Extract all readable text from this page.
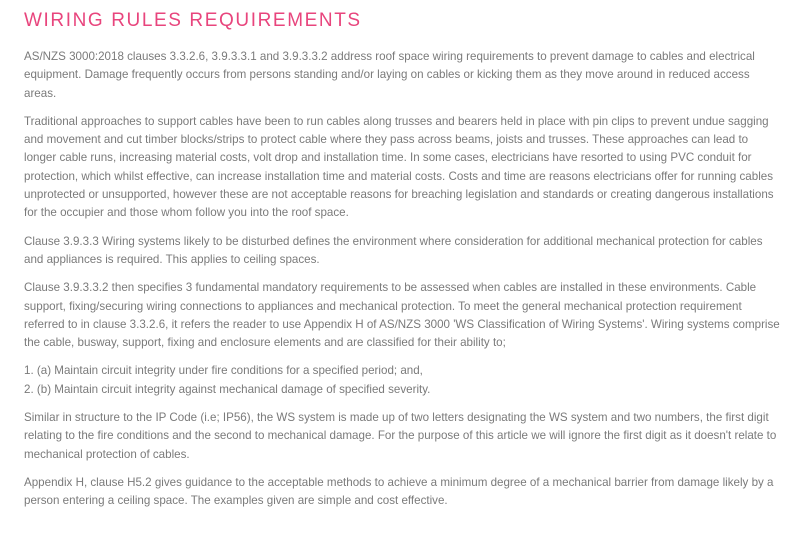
WIRING RULES REQUIREMENTS

AS/NZS 3000:2018 clauses 3.3.2.6, 3.9.3.3.1 and 3.9.3.3.2 address roof space wiring requirements to prevent damage to cables and electrical equipment. Damage frequently occurs from persons standing and/or laying on cables or kicking them as they move around in reduced access areas.

Traditional approaches to support cables have been to run cables along trusses and bearers held in place with pin clips to prevent undue sagging and movement and cut timber blocks/strips to protect cable where they pass across beams, joists and trusses. These approaches can lead to longer cable runs, increasing material costs, volt drop and installation time. In some cases, electricians have resorted to using PVC conduit for protection, which whilst effective, can increase installation time and material costs. Costs and time are reasons electricians offer for running cables unprotected or unsupported, however these are not acceptable reasons for breaching legislation and standards or creating dangerous installations for the occupier and those whom follow you into the roof space.

Clause 3.9.3.3 Wiring systems likely to be disturbed defines the environment where consideration for additional mechanical protection for cables and appliances is required. This applies to ceiling spaces.

Clause 3.9.3.3.2 then specifies 3 fundamental mandatory requirements to be assessed when cables are installed in these environments. Cable support, fixing/securing wiring connections to appliances and mechanical protection. To meet the general mechanical protection requirement referred to in clause 3.3.2.6, it refers the reader to use Appendix H of AS/NZS 3000 'WS Classification of Wiring Systems'. Wiring systems comprise the cable, busway, support, fixing and enclosure elements and are classified for their ability to;

1. (a) Maintain circuit integrity under fire conditions for a specified period; and,

2. (b) Maintain circuit integrity against mechanical damage of specified severity.

Similar in structure to the IP Code (i.e; IP56), the WS system is made up of two letters designating the WS system and two numbers, the first digit relating to the fire conditions and the second to mechanical damage. For the purpose of this article we will ignore the first digit as it doesn't relate to mechanical protection of cables.

Appendix H, clause H5.2 gives guidance to the acceptable methods to achieve a minimum degree of a mechanical barrier from damage likely by a person entering a ceiling space. The examples given are simple and cost effective.
